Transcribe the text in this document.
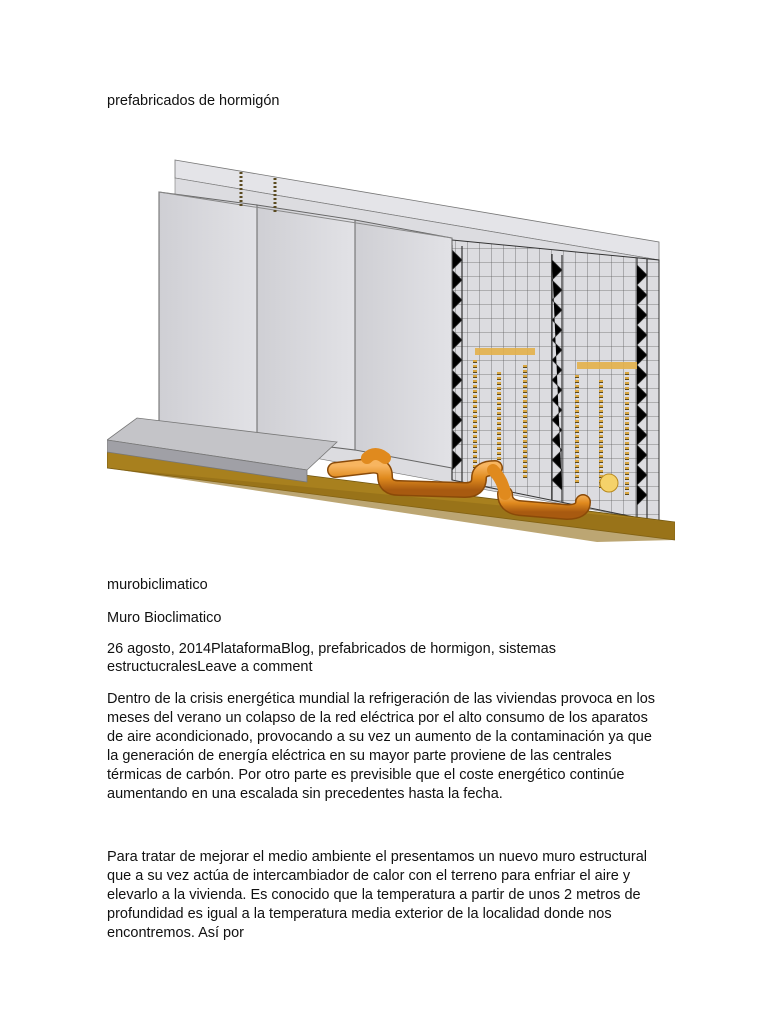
prefabricados de hormigón
murobiclimatico
Muro Bioclimatico
26 agosto, 2014PlataformaBlog, prefabricados de hormigon, sistemas
estructucralesLeave a comment
Dentro de la crisis energética mundial la refrigeración de las viviendas provoca en los meses del verano un colapso de la red eléctrica por el alto consumo de los aparatos de aire acondicionado, provocando a su vez un aumento de la contaminación ya que la generación de energía eléctrica en su mayor parte proviene de las centrales térmicas de carbón. Por otro parte es previsible que el coste energético continúe aumentando en una escalada sin precedentes hasta la fecha.
Para tratar de mejorar el medio ambiente el presentamos un nuevo muro estructural que a su vez actúa de intercambiador de calor con el terreno para enfriar el aire y elevarlo a la vivienda. Es conocido que la temperatura a partir de unos 2 metros de profundidad es igual a la temperatura media exterior de la localidad donde nos encontremos. Así por
